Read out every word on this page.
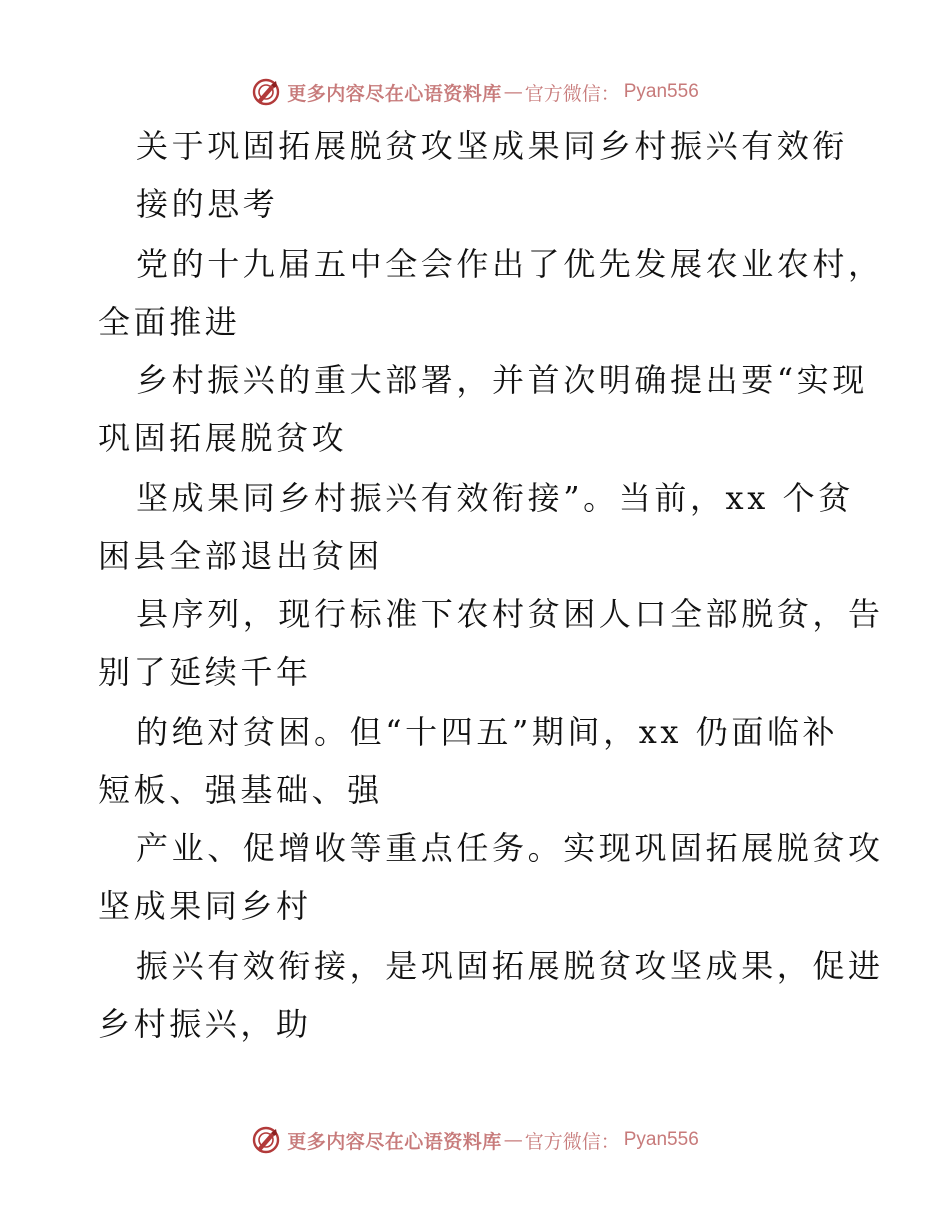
更多内容尽在心语资料库 — 官方微信： Pyan556
关于巩固拓展脱贫攻坚成果同乡村振兴有效衔
接的思考
党的十九届五中全会作出了优先发展农业农村，
全面推进
乡村振兴的重大部署，并首次明确提出要“实现
巩固拓展脱贫攻
坚成果同乡村振兴有效衔接”。当前，xx 个贫
困县全部退出贫困
县序列，现行标准下农村贫困人口全部脱贫，告
别了延续千年
的绝对贫困。但“十四五”期间，xx 仍面临补
短板、强基础、强
产业、促增收等重点任务。实现巩固拓展脱贫攻
坚成果同乡村
振兴有效衔接，是巩固拓展脱贫攻坚成果，促进
乡村振兴，助
更多内容尽在心语资料库 — 官方微信： Pyan556
